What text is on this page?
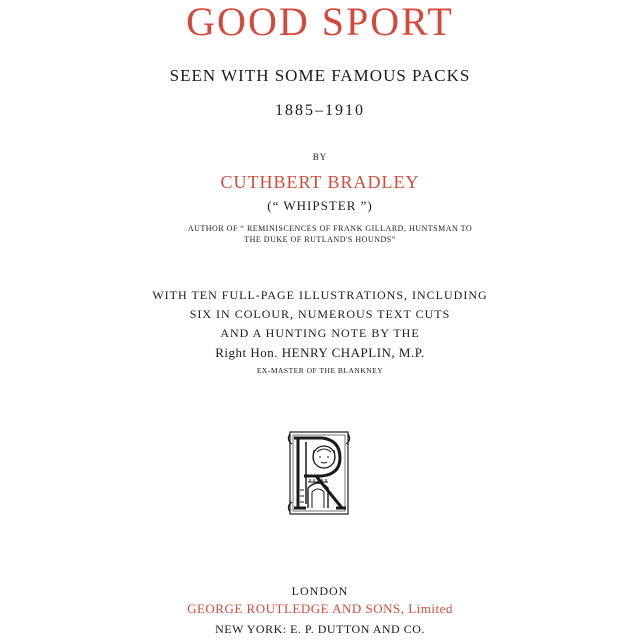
GOOD SPORT
SEEN WITH SOME FAMOUS PACKS
1885–1910
BY
CUTHBERT BRADLEY
(“ WHIPSTER ”)
AUTHOR OF “ REMINISCENCES OF FRANK GILLARD, HUNTSMAN TO
THE DUKE OF RUTLAND'S HOUNDS”
WITH TEN FULL-PAGE ILLUSTRATIONS, INCLUDING
SIX IN COLOUR, NUMEROUS TEXT CUTS
AND A HUNTING NOTE BY THE
Right Hon. HENRY CHAPLIN, M.P.
EX-MASTER OF THE BLANKNEY
LONDON
GEORGE ROUTLEDGE AND SONS, Limited
NEW YORK: E. P. DUTTON AND CO.
